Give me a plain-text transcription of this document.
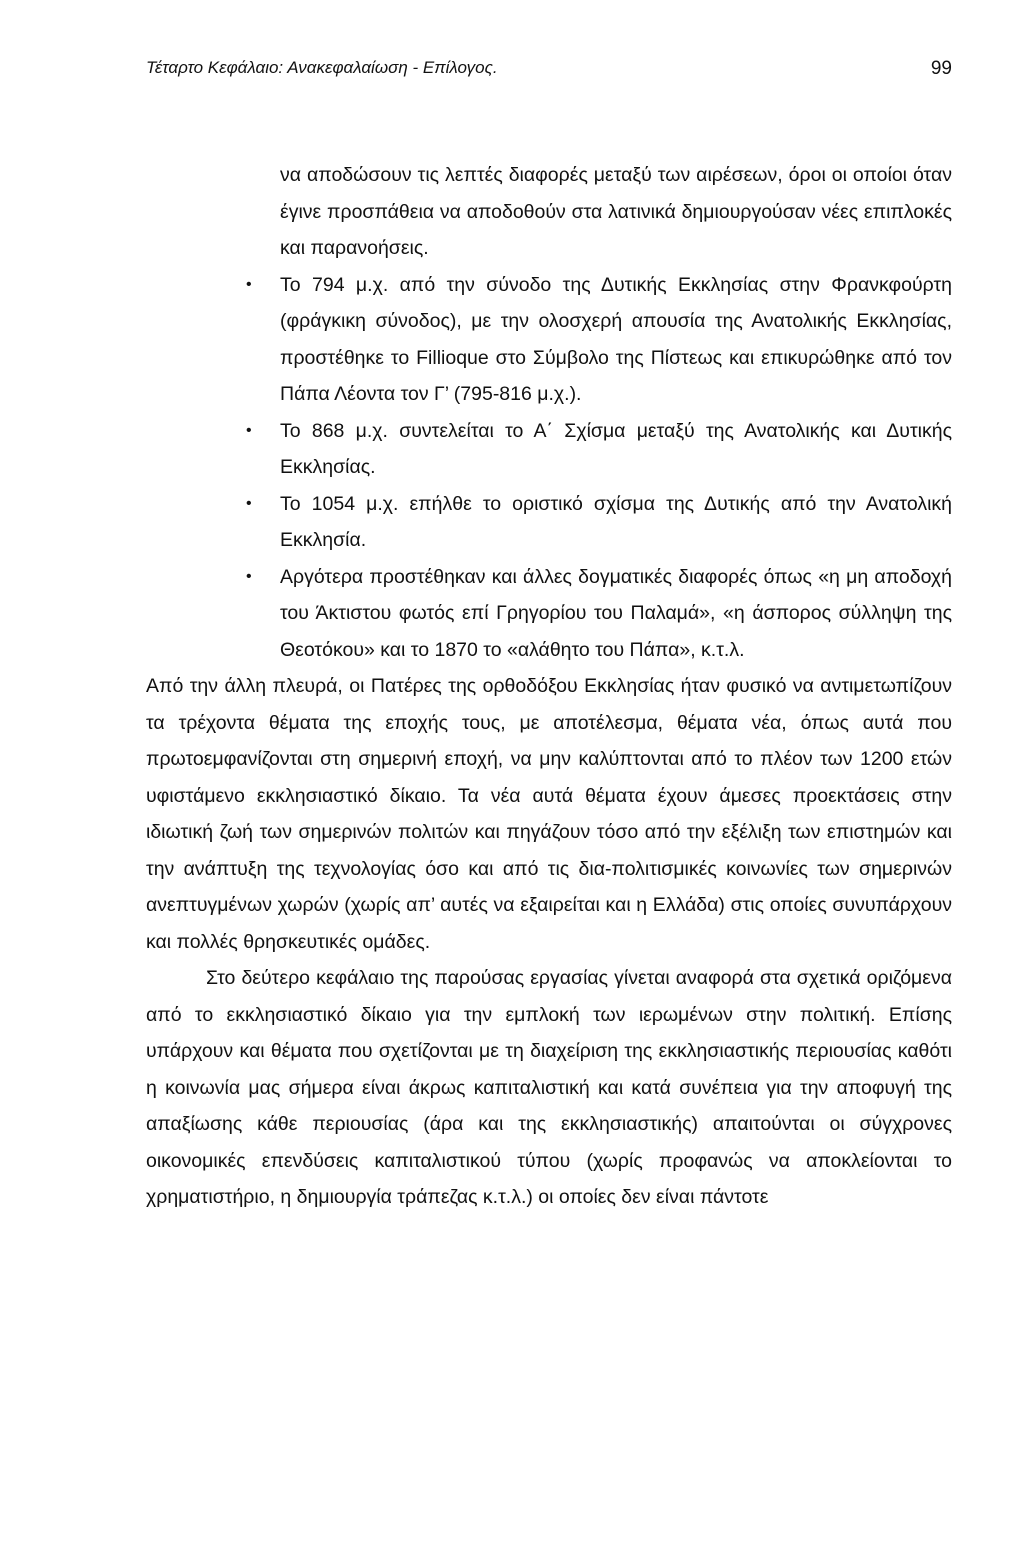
Τέταρτο Κεφάλαιο: Ανακεφαλαίωση - Επίλογος.	99

να αποδώσουν τις λεπτές διαφορές μεταξύ των αιρέσεων, όροι οι οποίοι όταν έγινε προσπάθεια να αποδοθούν στα λατινικά δημιουργούσαν νέες επιπλοκές και παρανοήσεις.

•	Το 794 μ.χ. από την σύνοδο της Δυτικής Εκκλησίας στην Φρανκφούρτη (φράγκικη σύνοδος), με την ολοσχερή απουσία της Ανατολικής Εκκλησίας, προστέθηκε το Fillioque στο Σύμβολο της Πίστεως και επικυρώθηκε από τον Πάπα Λέοντα τον Γ’ (795-816 μ.χ.).
•	Το 868 μ.χ. συντελείται το Α΄ Σχίσμα μεταξύ της Ανατολικής και Δυτικής Εκκλησίας.
•	Το 1054 μ.χ. επήλθε το οριστικό σχίσμα της Δυτικής από την Ανατολική Εκκλησία.
•	Αργότερα προστέθηκαν και άλλες δογματικές διαφορές όπως «η μη αποδοχή του Άκτιστου φωτός επί Γρηγορίου του Παλαμά», «η άσπορος σύλληψη της Θεοτόκου» και το 1870 το «αλάθητο του Πάπα», κ.τ.λ.

Από την άλλη πλευρά, οι Πατέρες της ορθοδόξου Εκκλησίας ήταν φυσικό να αντιμετωπίζουν τα τρέχοντα θέματα της εποχής τους, με αποτέλεσμα, θέματα νέα, όπως αυτά που πρωτοεμφανίζονται στη σημερινή εποχή, να μην καλύπτονται από το πλέον των 1200 ετών υφιστάμενο εκκλησιαστικό δίκαιο. Τα νέα αυτά θέματα έχουν άμεσες προεκτάσεις στην ιδιωτική ζωή των σημερινών πολιτών και πηγάζουν τόσο από την εξέλιξη των επιστημών και την ανάπτυξη της τεχνολογίας όσο και από τις δια-πολιτισμικές κοινωνίες των σημερινών ανεπτυγμένων χωρών (χωρίς απ’ αυτές να εξαιρείται και η Ελλάδα) στις οποίες συνυπάρχουν και πολλές θρησκευτικές ομάδες.

Στο δεύτερο κεφάλαιο της παρούσας εργασίας γίνεται αναφορά στα σχετικά οριζόμενα από το εκκλησιαστικό δίκαιο για την εμπλοκή των ιερωμένων στην πολιτική. Επίσης υπάρχουν και θέματα που σχετίζονται με τη διαχείριση της εκκλησιαστικής περιουσίας καθότι η κοινωνία μας σήμερα είναι άκρως καπιταλιστική και κατά συνέπεια για την αποφυγή της απαξίωσης κάθε περιουσίας (άρα και της εκκλησιαστικής) απαιτούνται οι σύγχρονες οικονομικές επενδύσεις καπιταλιστικού τύπου (χωρίς προφανώς να αποκλείονται το χρηματιστήριο, η δημιουργία τράπεζας κ.τ.λ.) οι οποίες δεν είναι πάντοτε
